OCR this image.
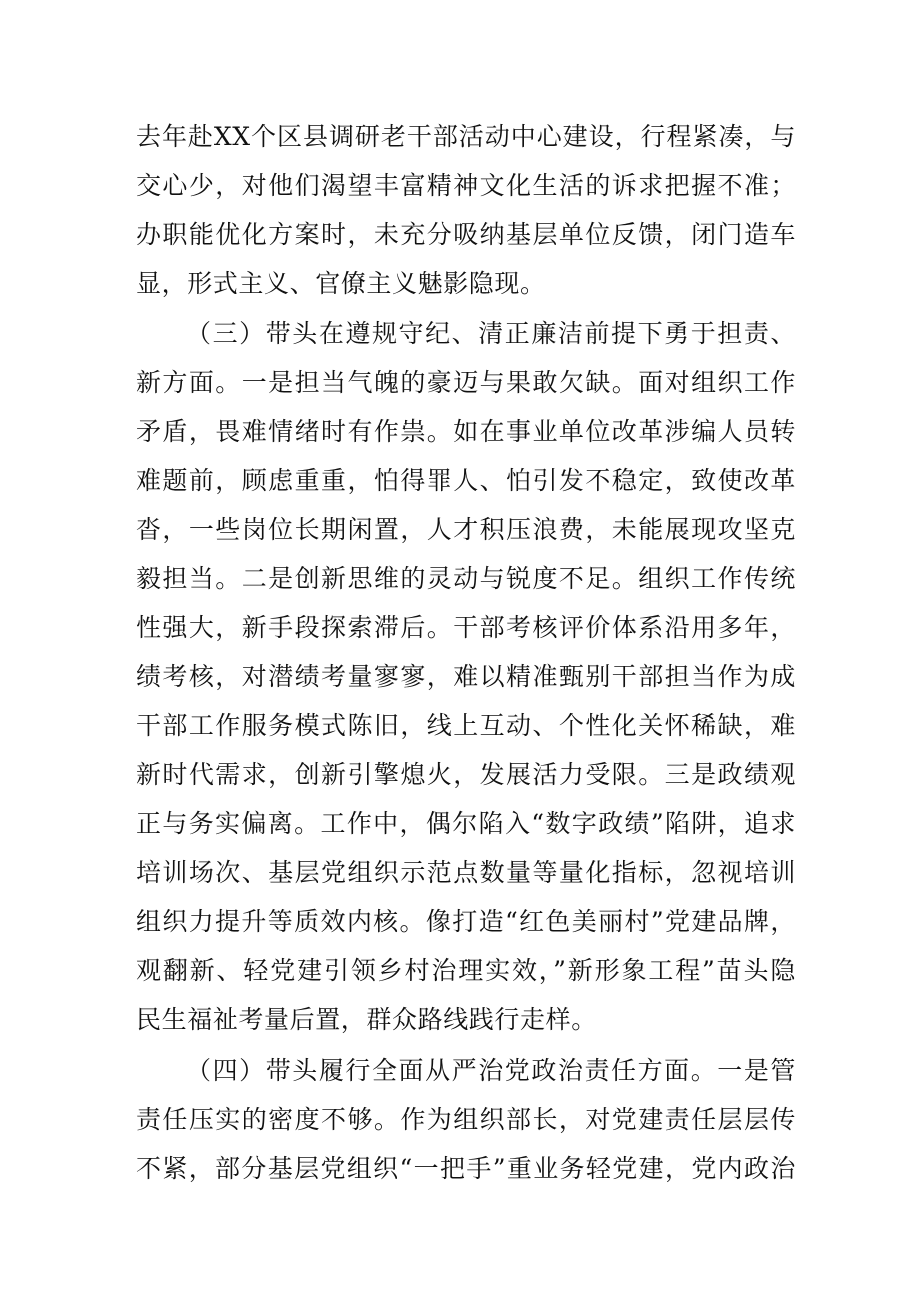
去年赴XX个区县调研老干部活动中心建设，行程紧凑，与
交心少，对他们渴望丰富精神文化生活的诉求把握不准；
办职能优化方案时，未充分吸纳基层单位反馈，闭门造车
显，形式主义、官僚主义魅影隐现。
（三）带头在遵规守纪、清正廉洁前提下勇于担责、
新方面。一是担当气魄的豪迈与果敢欠缺。面对组织工作
矛盾，畏难情绪时有作祟。如在事业单位改革涉编人员转
难题前，顾虑重重，怕得罪人、怕引发不稳定，致使改革
沓，一些岗位长期闲置，人才积压浪费，未能展现攻坚克
毅担当。二是创新思维的灵动与锐度不足。组织工作传统
性强大，新手段探索滞后。干部考核评价体系沿用多年，
绩考核，对潜绩考量寥寥，难以精准甄别干部担当作为成
干部工作服务模式陈旧，线上互动、个性化关怀稀缺，难
新时代需求，创新引擎熄火，发展活力受限。三是政绩观
正与务实偏离。工作中，偶尔陷入“数字政绩”陷阱，追求
培训场次、基层党组织示范点数量等量化指标，忽视培训
组织力提升等质效内核。像打造“红色美丽村”党建品牌，
观翻新、轻党建引领乡村治理实效，”新形象工程”苗头隐
民生福祉考量后置，群众路线践行走样。
（四）带头履行全面从严治党政治责任方面。一是管
责任压实的密度不够。作为组织部长，对党建责任层层传
不紧，部分基层党组织“一把手”重业务轻党建，党内政治
